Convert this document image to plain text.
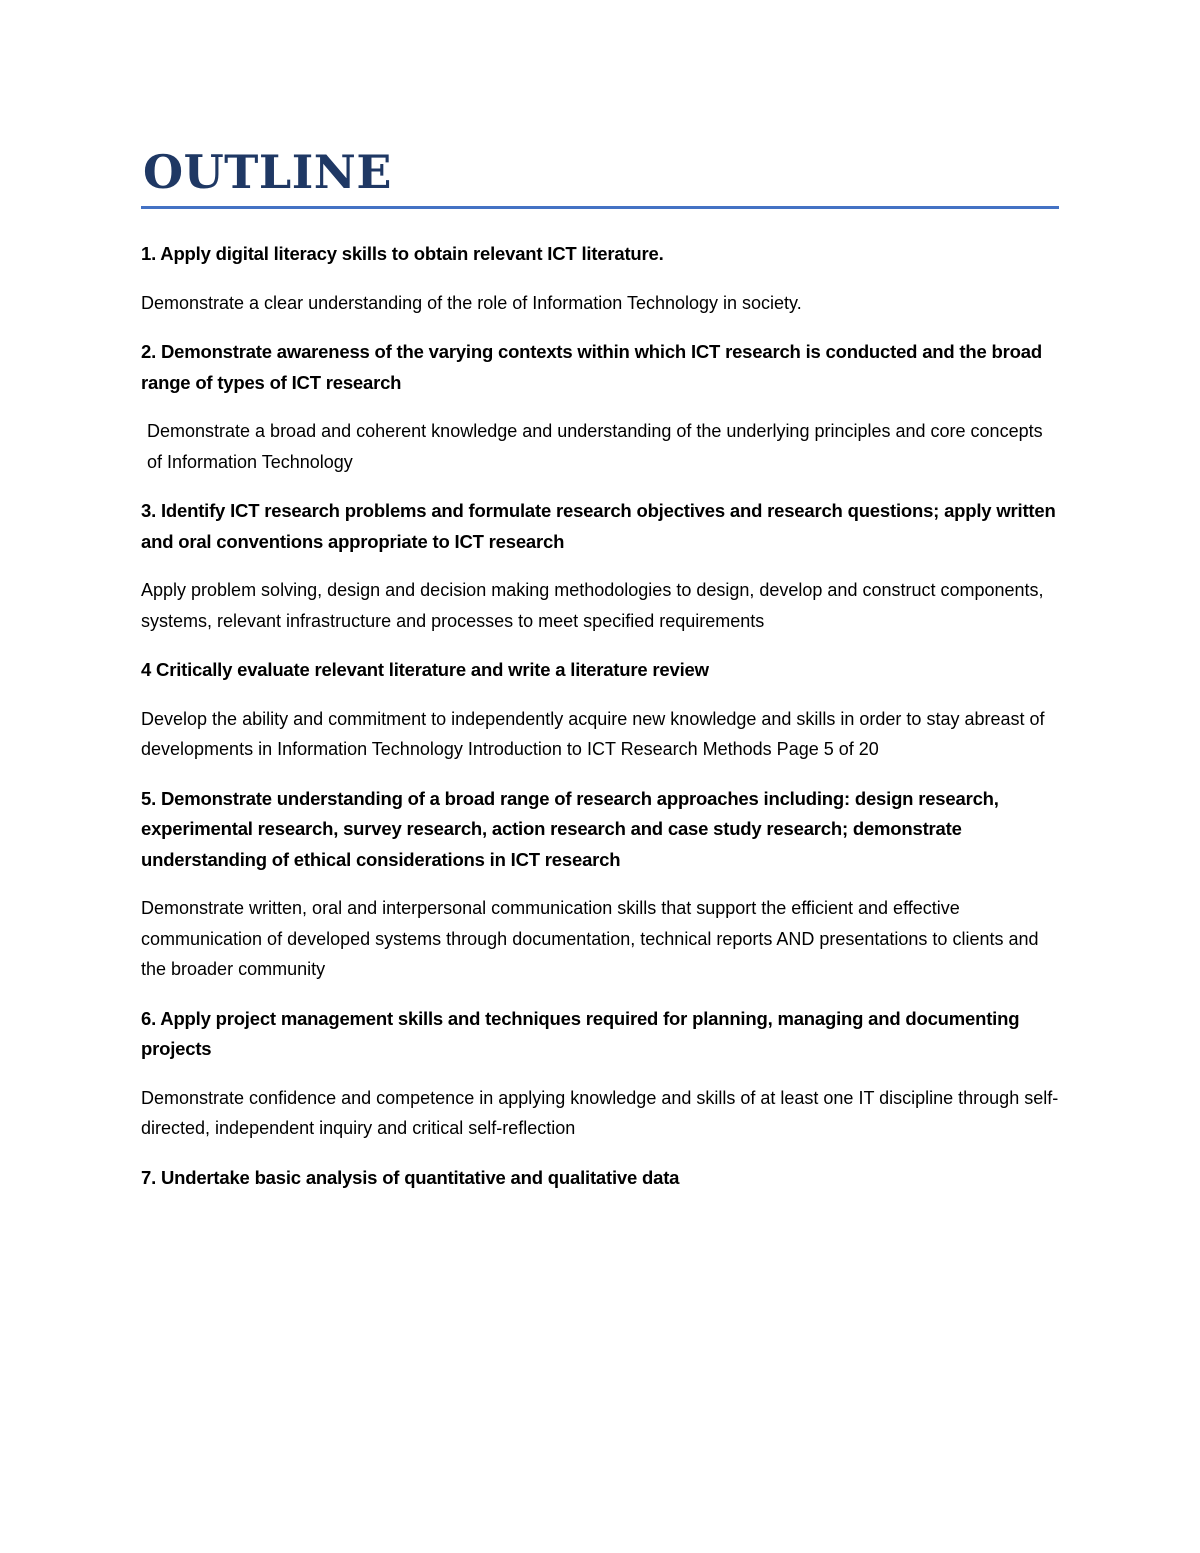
OUTLINE

1. Apply digital literacy skills to obtain relevant ICT literature.

Demonstrate a clear understanding of the role of Information Technology in society.

2. Demonstrate awareness of the varying contexts within which ICT research is conducted and the broad range of types of ICT research

Demonstrate a broad and coherent knowledge and understanding of the underlying principles and core concepts of Information Technology

3. Identify ICT research problems and formulate research objectives and research questions; apply written and oral conventions appropriate to ICT research

Apply problem solving, design and decision making methodologies to design, develop and construct components, systems, relevant infrastructure and processes to meet specified requirements

4 Critically evaluate relevant literature and write a literature review

Develop the ability and commitment to independently acquire new knowledge and skills in order to stay abreast of developments in Information Technology Introduction to ICT Research Methods Page 5 of 20

5. Demonstrate understanding of a broad range of research approaches including: design research, experimental research, survey research, action research and case study research; demonstrate understanding of ethical considerations in ICT research

Demonstrate written, oral and interpersonal communication skills that support the efficient and effective communication of developed systems through documentation, technical reports AND presentations to clients and the broader community

6. Apply project management skills and techniques required for planning, managing and documenting projects

Demonstrate confidence and competence in applying knowledge and skills of at least one IT discipline through self-directed, independent inquiry and critical self-reflection

7. Undertake basic analysis of quantitative and qualitative data
